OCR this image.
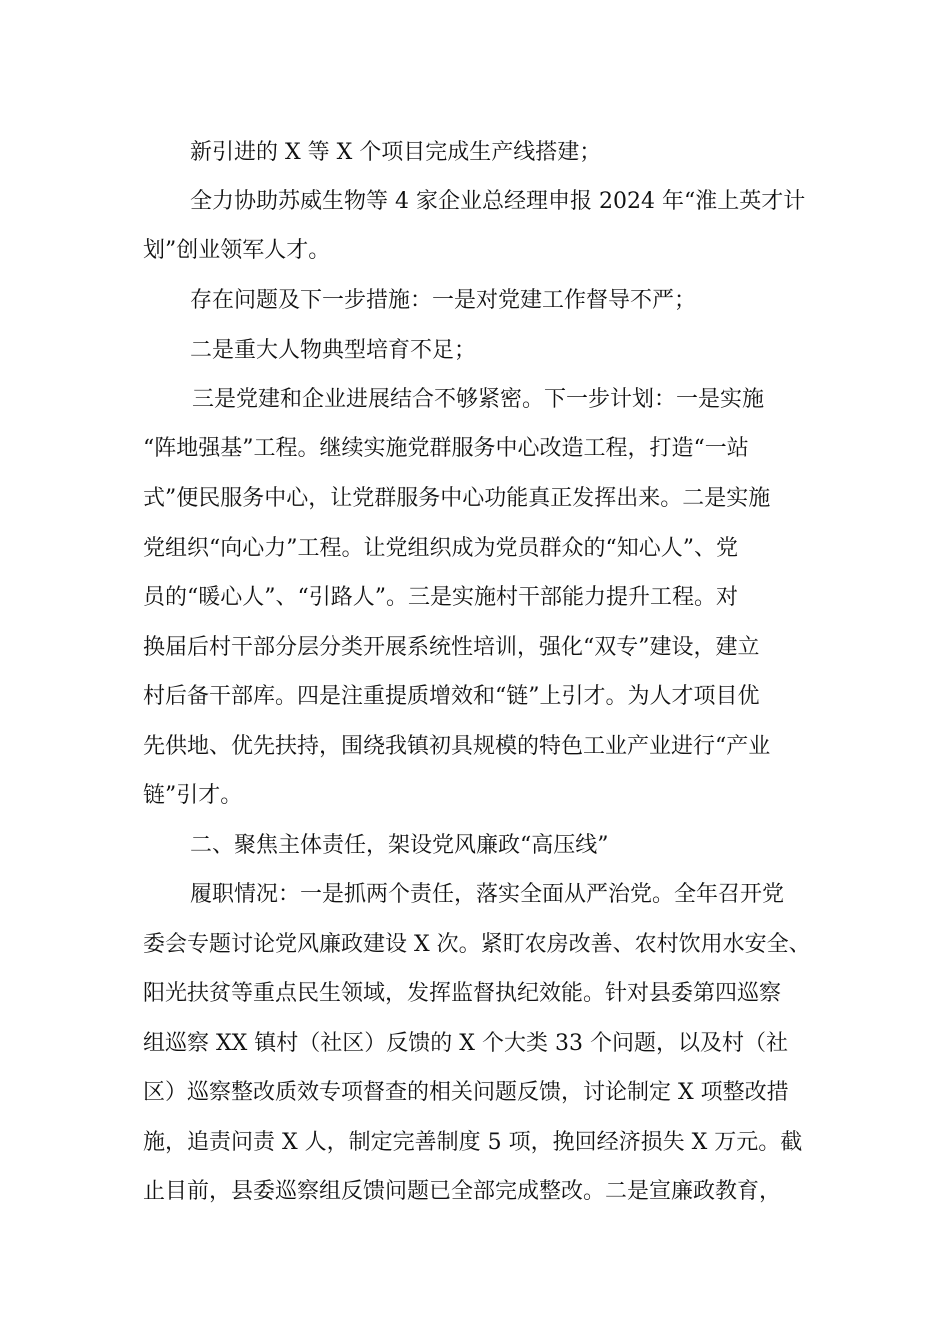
新引进的 X 等 X 个项目完成生产线搭建；
全力协助苏威生物等 4 家企业总经理申报 2024 年“淮上英才计
划”创业领军人才。
存在问题及下一步措施：一是对党建工作督导不严；
二是重大人物典型培育不足；
三是党建和企业进展结合不够紧密。下一步计划：一是实施
“阵地强基”工程。继续实施党群服务中心改造工程，打造“一站
式”便民服务中心，让党群服务中心功能真正发挥出来。二是实施
党组织“向心力”工程。让党组织成为党员群众的“知心人”、党
员的“暖心人”、“引路人”。三是实施村干部能力提升工程。对
换届后村干部分层分类开展系统性培训，强化“双专”建设，建立
村后备干部库。四是注重提质增效和“链”上引才。为人才项目优
先供地、优先扶持，围绕我镇初具规模的特色工业产业进行“产业
链”引才。
二、聚焦主体责任，架设党风廉政“高压线”
履职情况：一是抓两个责任，落实全面从严治党。全年召开党
委会专题讨论党风廉政建设 X 次。紧盯农房改善、农村饮用水安全、
阳光扶贫等重点民生领域，发挥监督执纪效能。针对县委第四巡察
组巡察 XX 镇村（社区）反馈的 X 个大类 33 个问题，以及村（社
区）巡察整改质效专项督查的相关问题反馈，讨论制定 X 项整改措
施，追责问责 X 人，制定完善制度 5 项，挽回经济损失 X 万元。截
止目前，县委巡察组反馈问题已全部完成整改。二是宣廉政教育，
